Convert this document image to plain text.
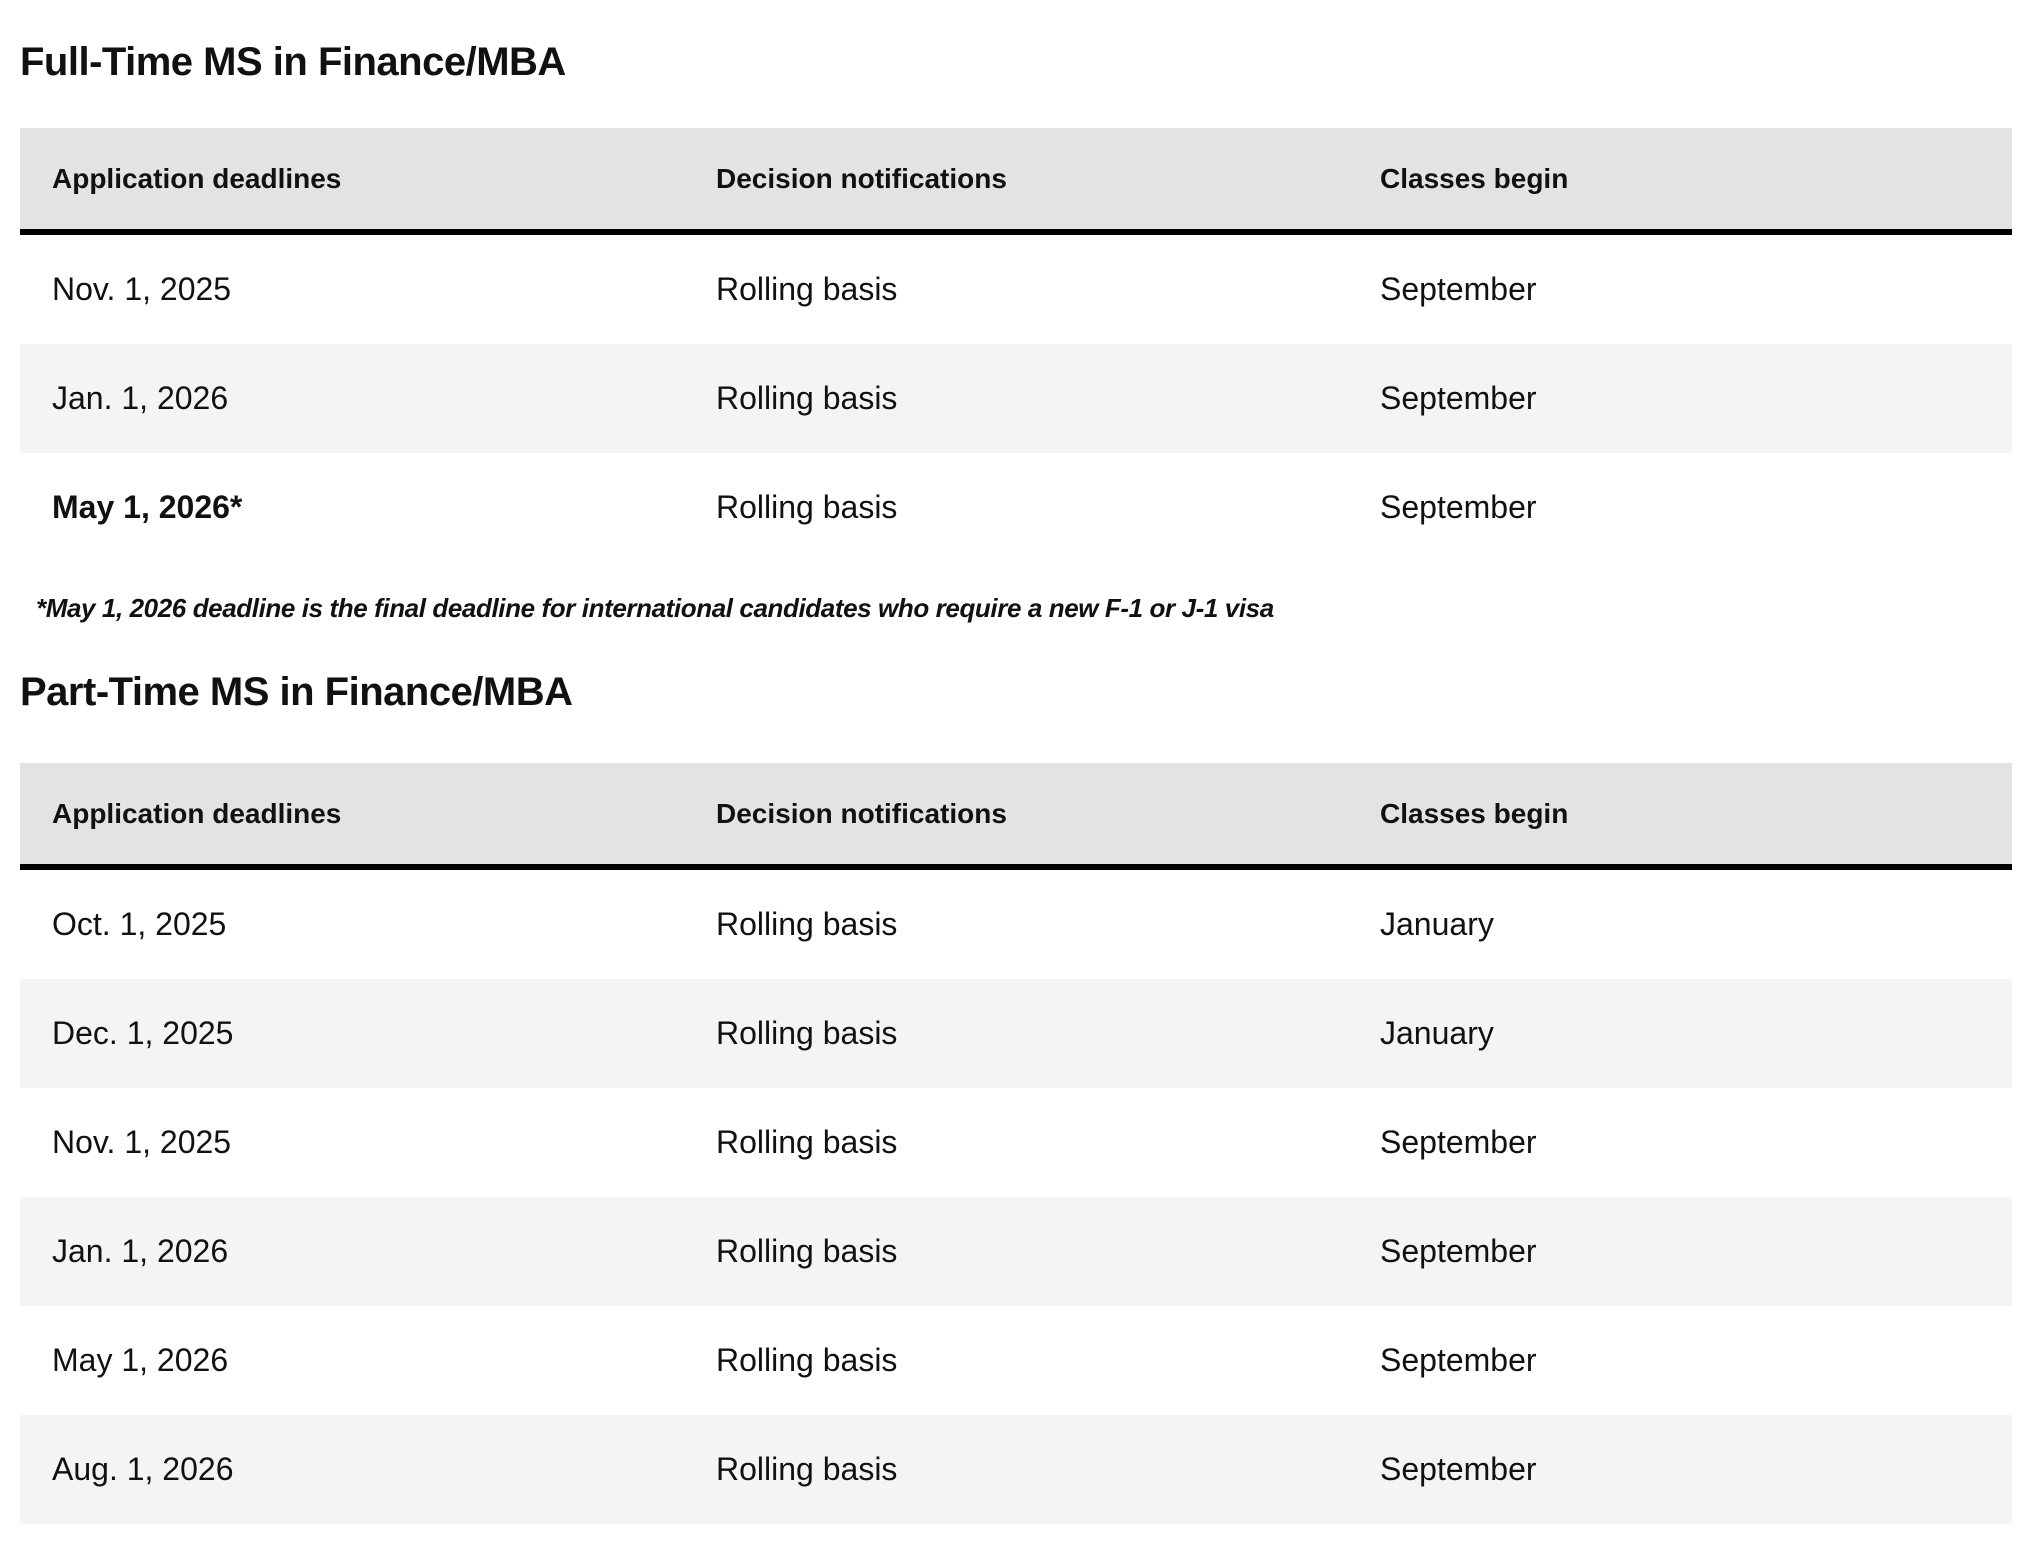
Full-Time MS in Finance/MBA
Application deadlines	Decision notifications	Classes begin
Nov. 1, 2025	Rolling basis	September
Jan. 1, 2026	Rolling basis	September
May 1, 2026*	Rolling basis	September
*May 1, 2026 deadline is the final deadline for international candidates who require a new F-1 or J-1 visa
Part-Time MS in Finance/MBA
Application deadlines	Decision notifications	Classes begin
Oct. 1, 2025	Rolling basis	January
Dec. 1, 2025	Rolling basis	January
Nov. 1, 2025	Rolling basis	September
Jan. 1, 2026	Rolling basis	September
May 1, 2026	Rolling basis	September
Aug. 1, 2026	Rolling basis	September
